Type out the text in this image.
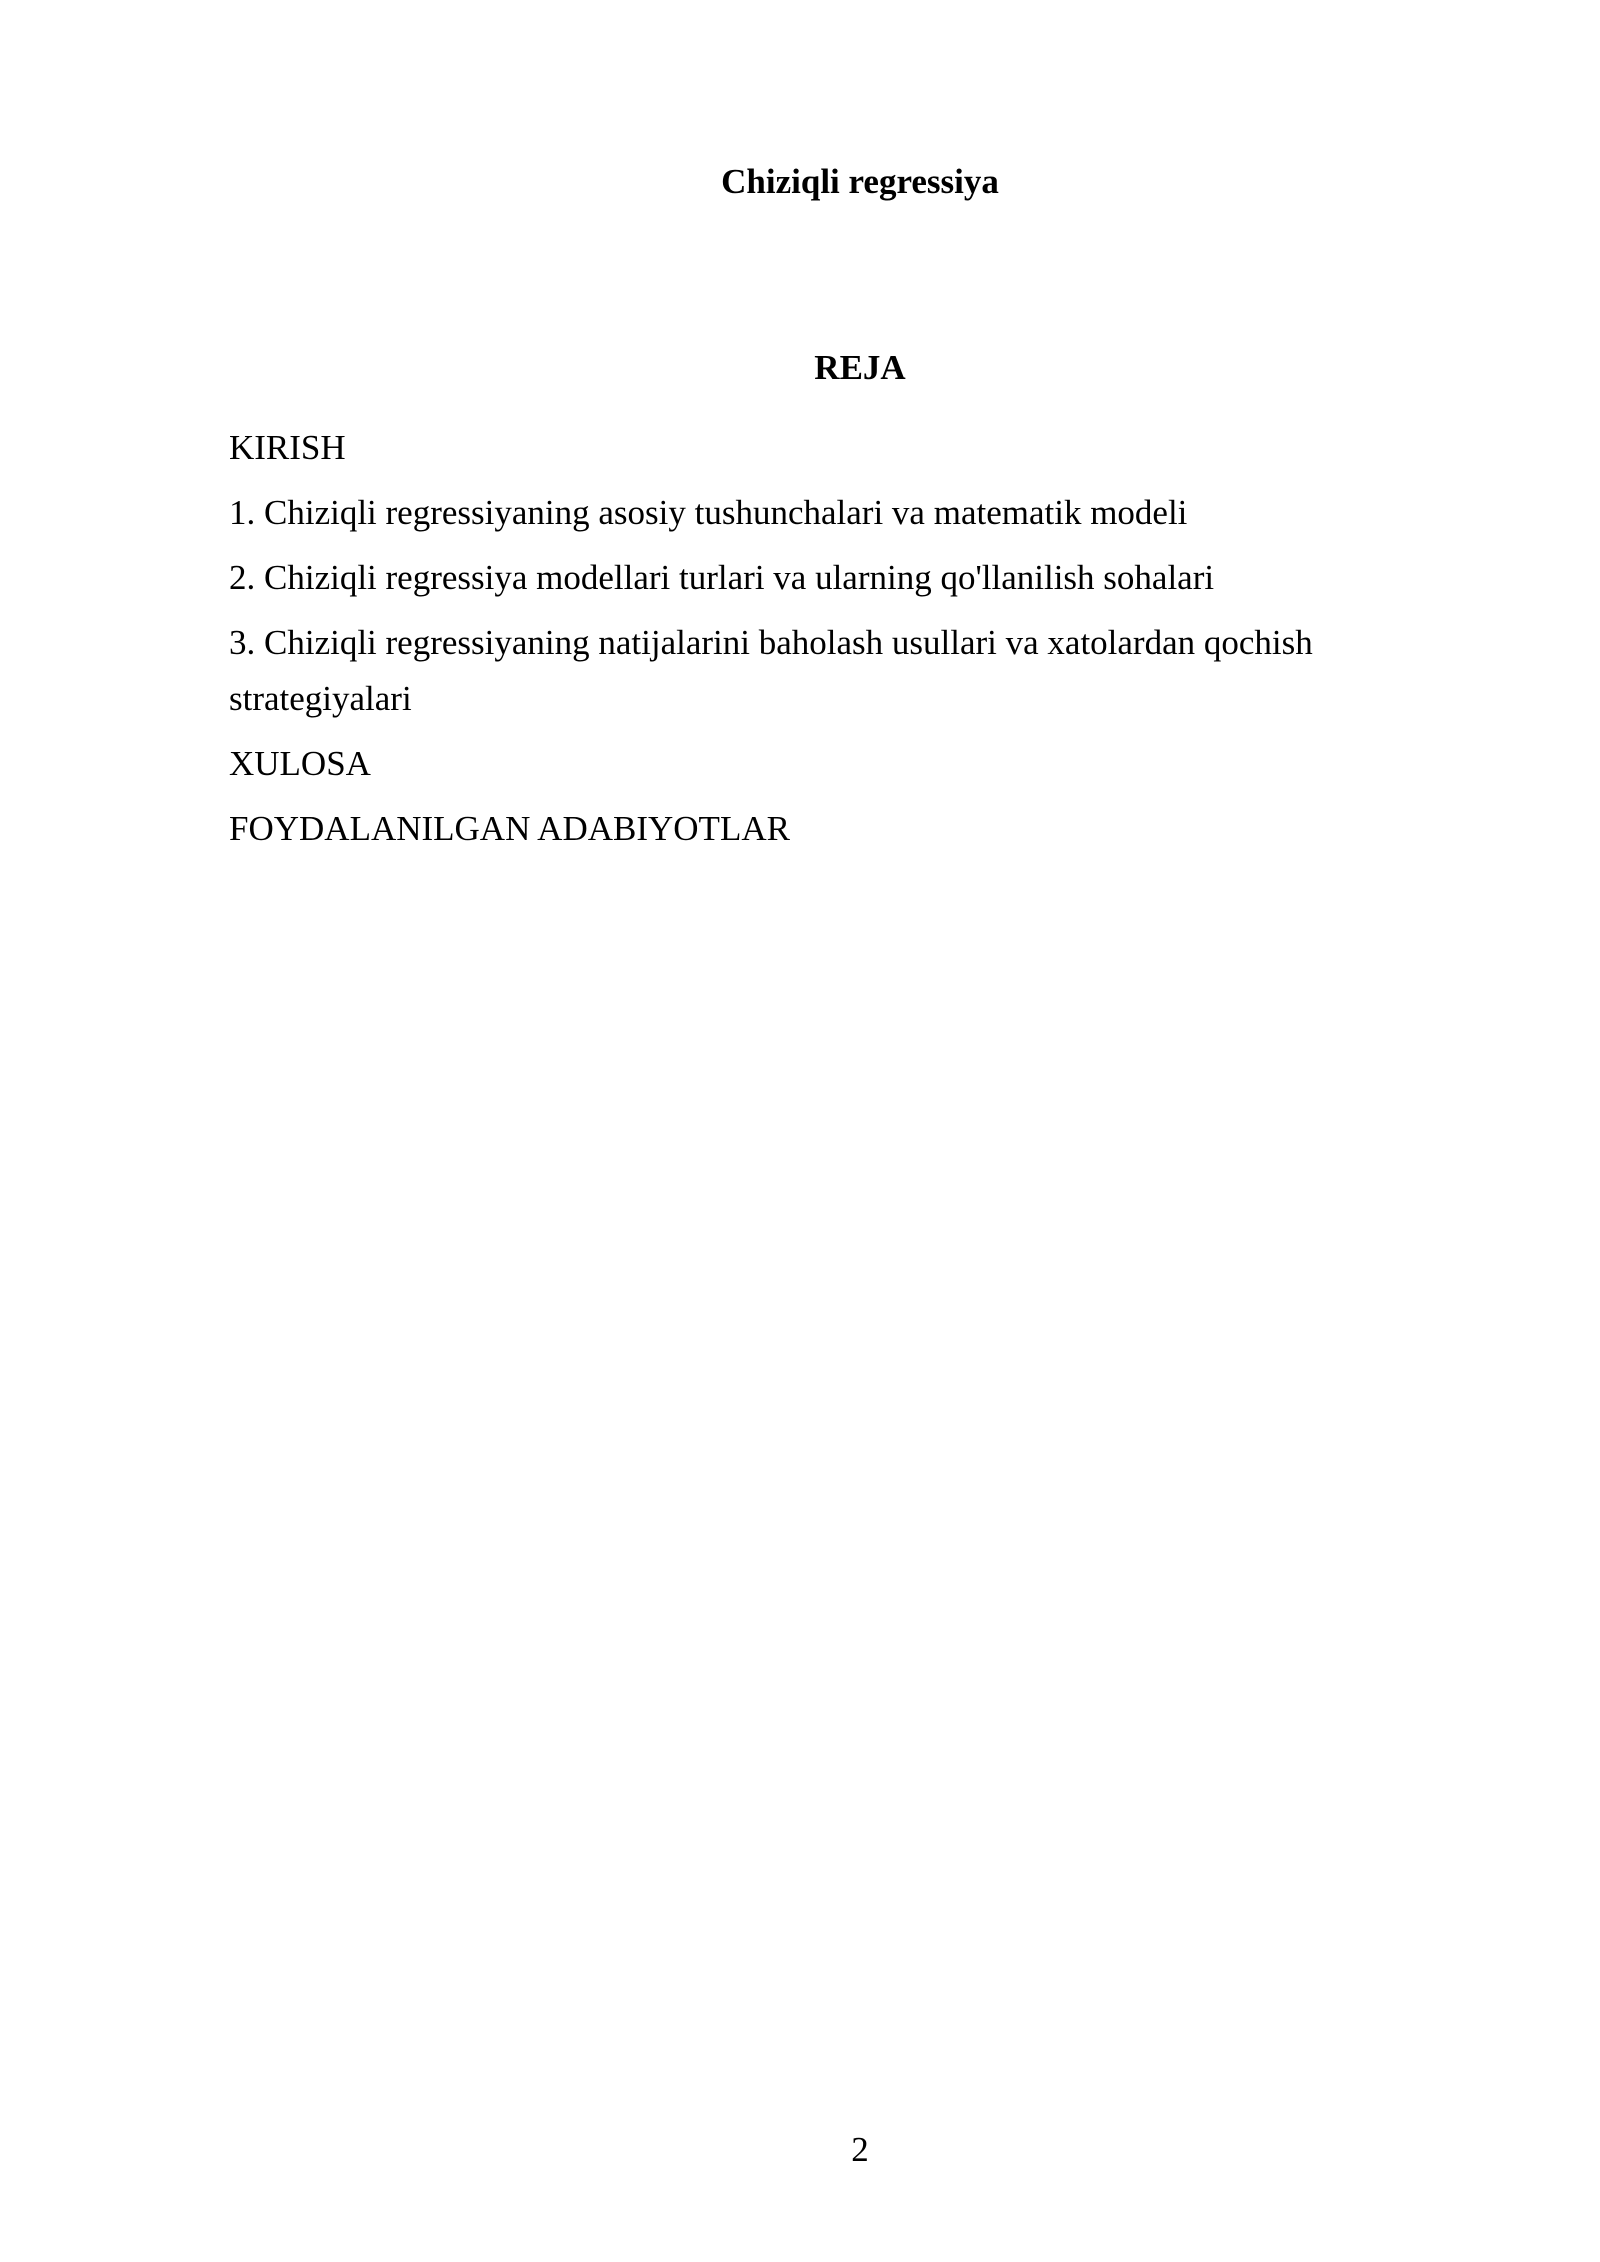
Chiziqli regressiya
REJA
KIRISH
1. Chiziqli regressiyaning asosiy tushunchalari va matematik modeli
2. Chiziqli regressiya modellari turlari va ularning qo'llanilish sohalari
3. Chiziqli regressiyaning natijalarini baholash usullari va xatolardan qochish strategiyalari
XULOSA
FOYDALANILGAN ADABIYOTLAR
2
